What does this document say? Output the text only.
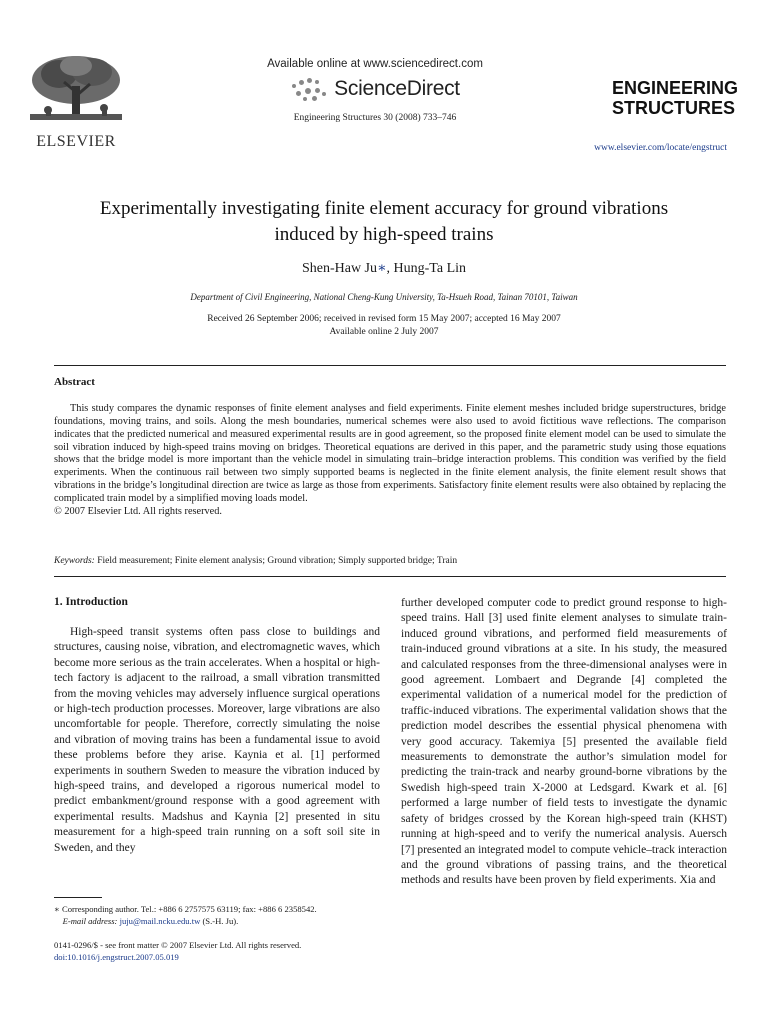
ELSEVIER
Available online at www.sciencedirect.com
ScienceDirect
Engineering Structures 30 (2008) 733–746
ENGINEERING
STRUCTURES
www.elsevier.com/locate/engstruct
Experimentally investigating finite element accuracy for ground vibrations
induced by high-speed trains
Shen-Haw Ju∗, Hung-Ta Lin
Department of Civil Engineering, National Cheng-Kung University, Ta-Hsueh Road, Tainan 70101, Taiwan
Received 26 September 2006; received in revised form 15 May 2007; accepted 16 May 2007
Available online 2 July 2007
Abstract
This study compares the dynamic responses of finite element analyses and field experiments. Finite element meshes included bridge superstructures, bridge foundations, moving trains, and soils. Along the mesh boundaries, numerical schemes were also used to avoid fictitious wave reflections. The comparison indicates that the predicted numerical and measured experimental results are in good agreement, so the proposed finite element model can be used to simulate the soil vibration induced by high-speed trains moving on bridges. Theoretical equations are derived in this paper, and the parametric study using those equations shows that the bridge model is more important than the vehicle model in simulating train–bridge interaction problems. This condition was verified by the field experiments. When the continuous rail between two simply supported beams is neglected in the finite element analysis, the finite element result shows that vibrations in the bridge’s longitudinal direction are twice as large as those from experiments. Satisfactory finite element results were also obtained by replacing the complicated train model by a simplified moving loads model.
© 2007 Elsevier Ltd. All rights reserved.
Keywords: Field measurement; Finite element analysis; Ground vibration; Simply supported bridge; Train
1. Introduction

High-speed transit systems often pass close to buildings and structures, causing noise, vibration, and electromagnetic waves, which become more serious as the train accelerates. When a hospital or high-tech factory is adjacent to the railroad, a small vibration transmitted from the moving vehicles may adversely influence surgical operations or high-tech production processes. Moreover, large vibrations are also uncomfortable for people. Therefore, correctly simulating the noise and vibration of moving trains has been a fundamental issue to avoid these problems before they arise. Kaynia et al. [1] performed experiments in southern Sweden to measure the vibration induced by high-speed trains, and developed a rigorous numerical model to predict embankment/ground response with a good agreement with experimental results. Madshus and Kaynia [2] presented in situ measurement for a high-speed train running on a soft soil site in Sweden, and they

further developed computer code to predict ground response to high-speed trains. Hall [3] used finite element analyses to simulate train-induced ground vibrations, and performed field measurements of train-induced ground vibrations at a site. In his study, the measured and calculated responses from the three-dimensional analyses were in good agreement. Lombaert and Degrande [4] completed the experimental validation of a numerical model for the prediction of traffic-induced vibrations. The experimental validation shows that the prediction model describes the essential physical phenomena with very good accuracy. Takemiya [5] presented the available field measurements to demonstrate the author’s simulation model for predicting the train-track and nearby ground-borne vibrations by the Swedish high-speed train X-2000 at Ledsgard. Kwark et al. [6] performed a large number of field tests to investigate the dynamic safety of bridges crossed by the Korean high-speed train (KHST) running at high-speed and to verify the numerical analysis. Auersch [7] presented an integrated model to compute vehicle–track interaction and the ground vibrations of passing trains, and the theoretical methods and results have been proven by field experiments. Xia and

∗ Corresponding author. Tel.: +886 6 2757575 63119; fax: +886 6 2358542.
 E-mail address: juju@mail.ncku.edu.tw (S.-H. Ju).
0141-0296/$ - see front matter © 2007 Elsevier Ltd. All rights reserved.
doi:10.1016/j.engstruct.2007.05.019
